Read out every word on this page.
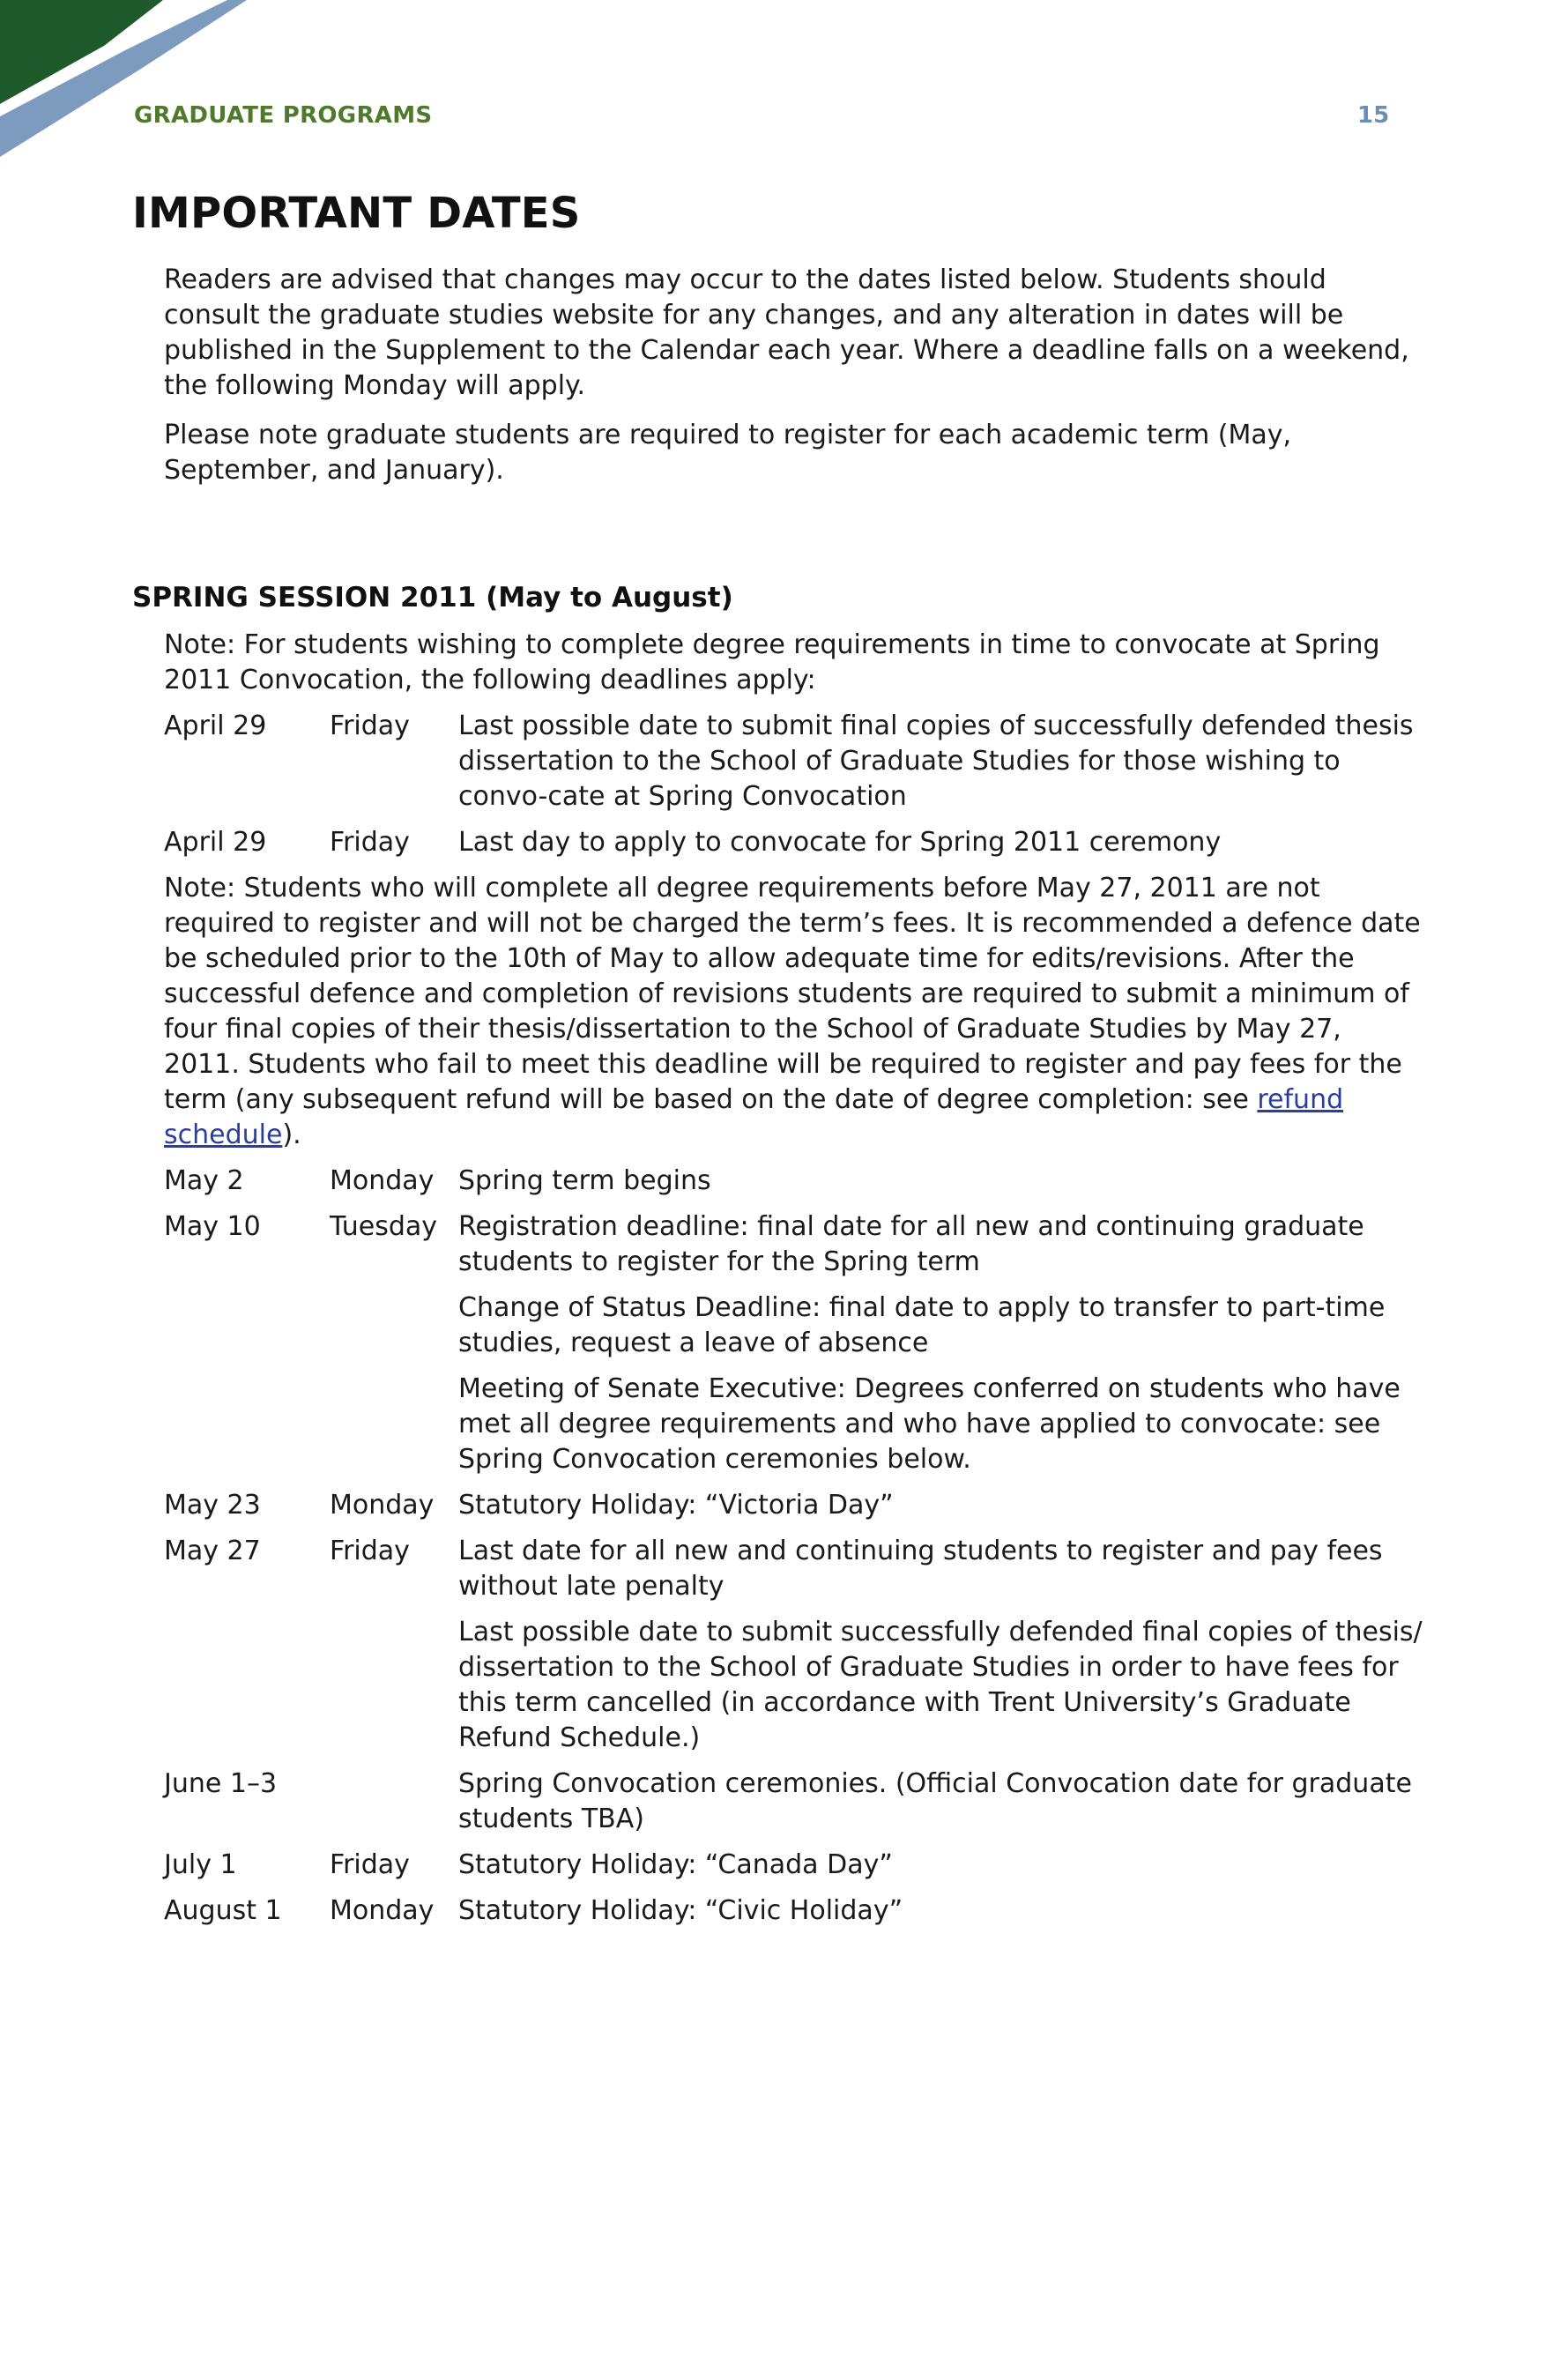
GRADUATE PROGRAMS	15
IMPORTANT DATES

Readers are advised that changes may occur to the dates listed below. Students should consult the graduate studies website for any changes, and any alteration in dates will be published in the Supplement to the Calendar each year. Where a deadline falls on a weekend, the following Monday will apply.

Please note graduate students are required to register for each academic term (May, September, and January).

SPRING SESSION 2011 (May to August)

Note: For students wishing to complete degree requirements in time to convocate at Spring 2011 Convocation, the following deadlines apply:

April 29	Friday	Last possible date to submit final copies of successfully defended thesis dissertation to the School of Graduate Studies for those wishing to convo-cate at Spring Convocation

April 29	Friday	Last day to apply to convocate for Spring 2011 ceremony

Note: Students who will complete all degree requirements before May 27, 2011 are not required to register and will not be charged the term’s fees. It is recommended a defence date be scheduled prior to the 10th of May to allow adequate time for edits/revisions. After the successful defence and completion of revisions students are required to submit a minimum of four final copies of their thesis/dissertation to the School of Graduate Studies by May 27, 2011. Students who fail to meet this deadline will be required to register and pay fees for the term (any subsequent refund will be based on the date of degree completion: see refund schedule).

May 2	Monday Spring term begins

May 10	Tuesday Registration deadline: final date for all new and continuing graduate students to register for the Spring term

Change of Status Deadline: final date to apply to transfer to part-time studies, request a leave of absence

Meeting of Senate Executive: Degrees conferred on students who have met all degree requirements and who have applied to convocate: see Spring Convocation ceremonies below.

May 23	Monday Statutory Holiday: “Victoria Day”

May 27	Friday	Last date for all new and continuing students to register and pay fees without late penalty

Last possible date to submit successfully defended final copies of thesis/ dissertation to the School of Graduate Studies in order to have fees for this term cancelled (in accordance with Trent University’s Graduate Refund Schedule.)

June 1–3	Spring Convocation ceremonies. (Official Convocation date for graduate students TBA)

July 1	Friday	Statutory Holiday: “Canada Day”

August 1	Monday Statutory Holiday: “Civic Holiday”
